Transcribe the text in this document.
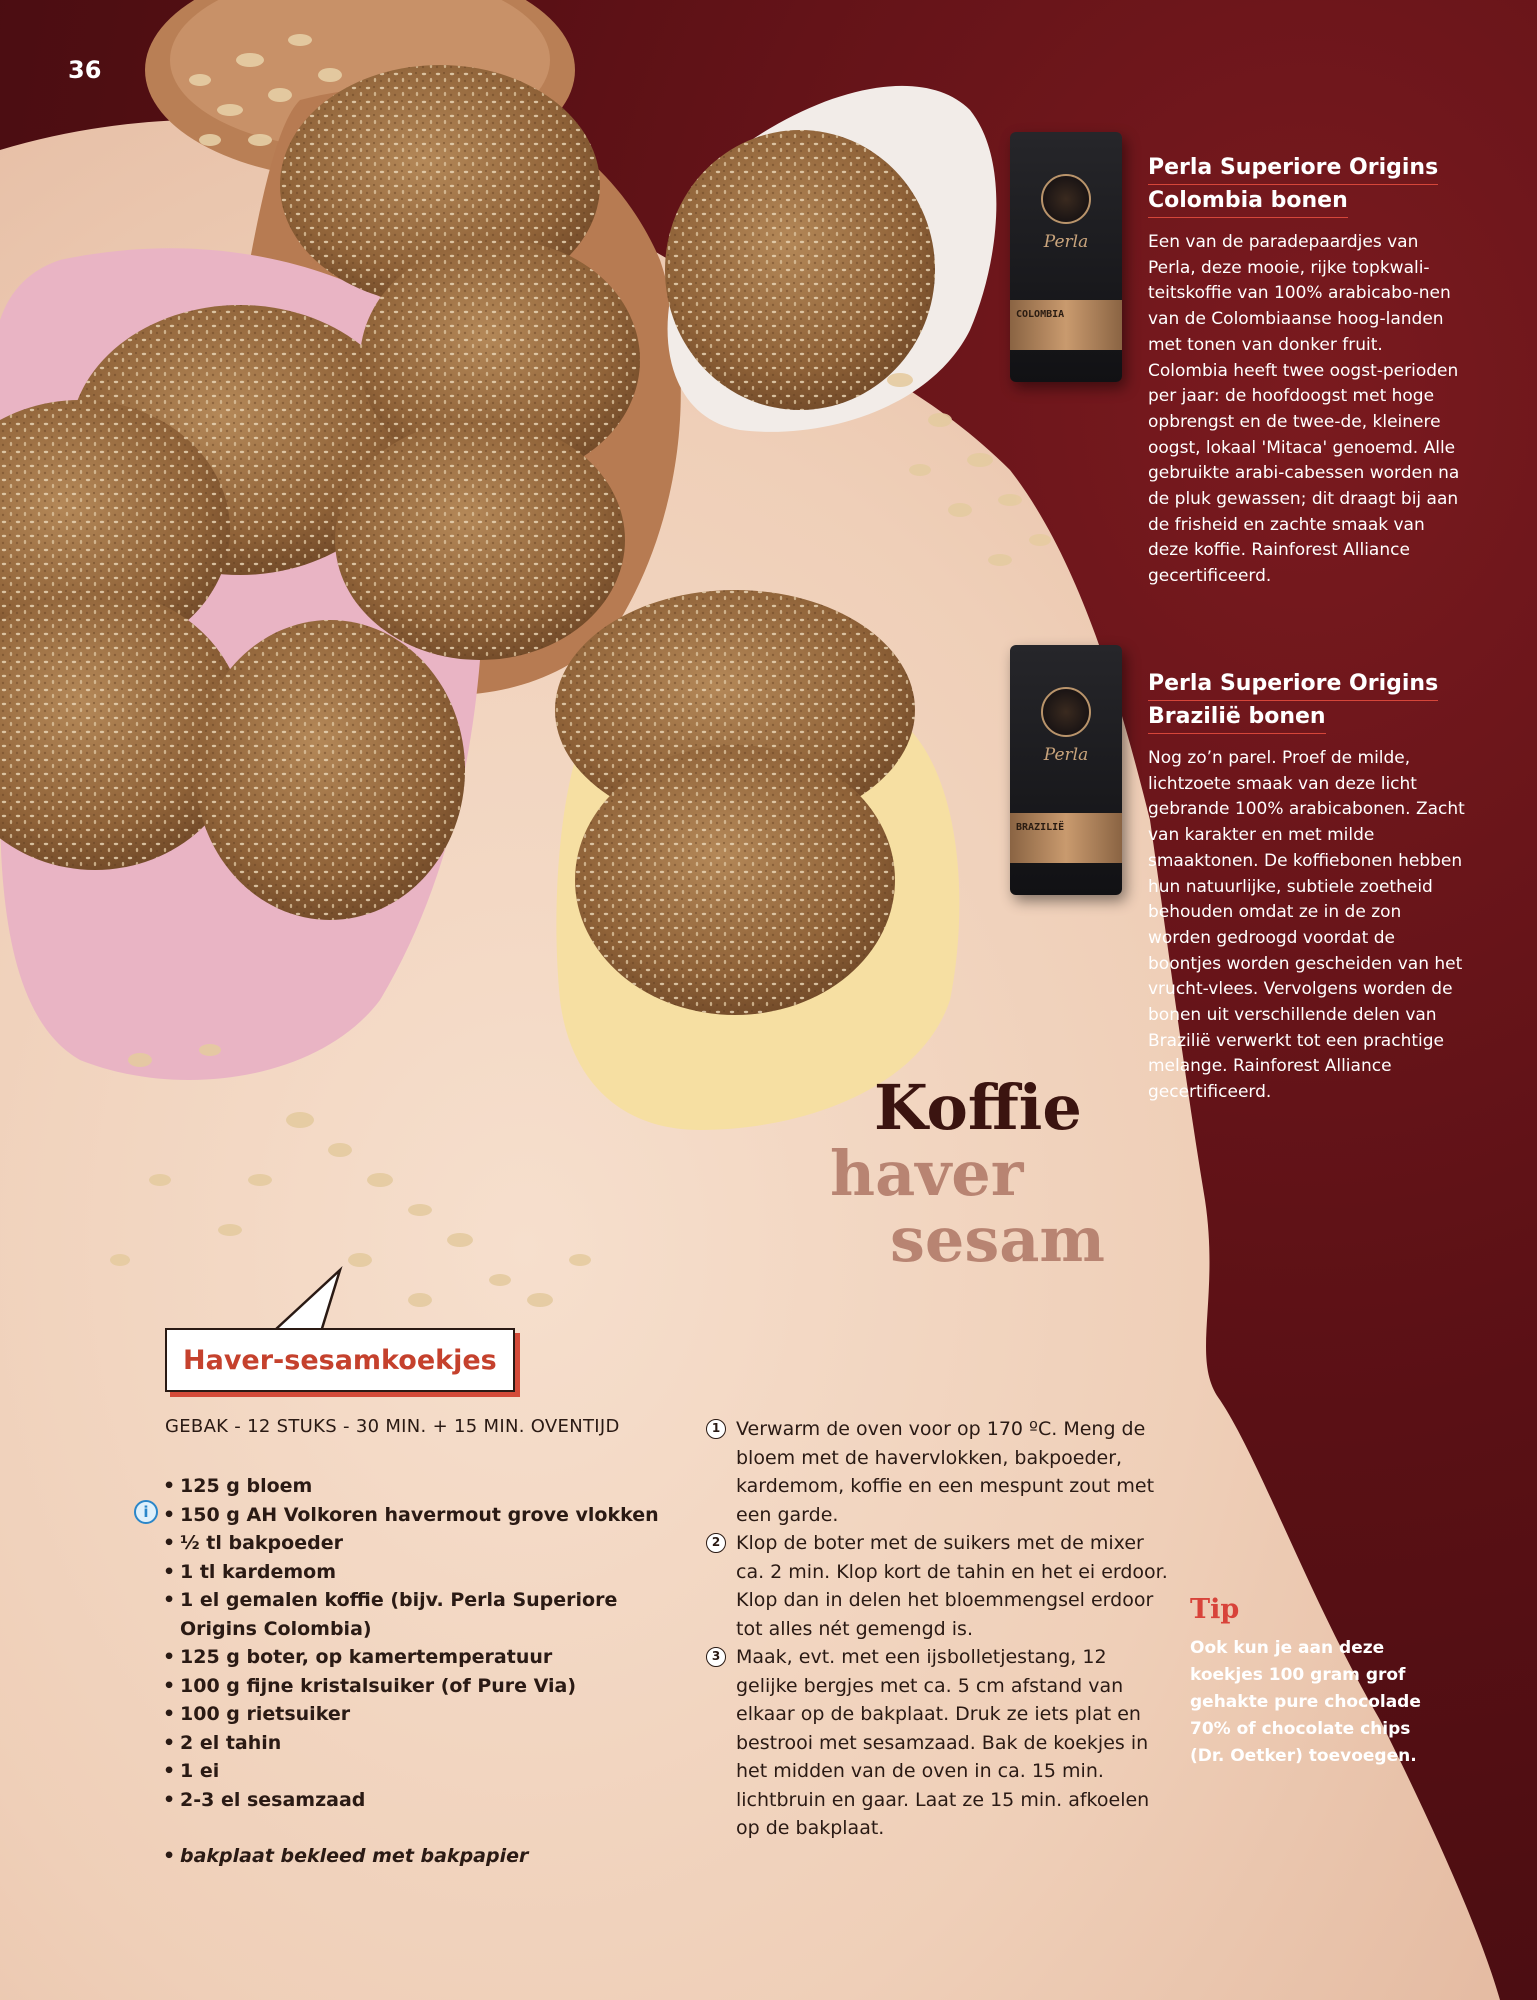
36
Perla
COLOMBIA
Perla
BRAZILIË
Perla Superiore Origins
Colombia bonen

Een van de paradepaardjes van Perla, deze mooie, rijke topkwali-teitskoffie van 100% arabicabo-nen van de Colombiaanse hoog-landen met tonen van donker fruit. Colombia heeft twee oogst-perioden per jaar: de hoofdoogst met hoge opbrengst en de twee-de, kleinere oogst, lokaal 'Mitaca' genoemd. Alle gebruikte arabi-cabessen worden na de pluk gewassen; dit draagt bij aan de frisheid en zachte smaak van deze koffie. Rainforest Alliance gecertificeerd.

Perla Superiore Origins
Brazilië bonen

Nog zo’n parel. Proef de milde, lichtzoete smaak van deze licht gebrande 100% arabicabonen. Zacht van karakter en met milde smaaktonen. De koffiebonen hebben hun natuurlijke, subtiele zoetheid behouden omdat ze in de zon worden gedroogd voordat de boontjes worden gescheiden van het vrucht-vlees. Vervolgens worden de bonen uit verschillende delen van Brazilië verwerkt tot een prachtige melange. Rainforest Alliance gecertificeerd.

Koffie
haver
sesam
Haver-sesamkoekjes
GEBAK - 12 STUKS - 30 MIN. + 15 MIN. OVENTIJD
i
• 125 g bloem
• 150 g AH Volkoren havermout grove vlokken
• ½ tl bakpoeder
• 1 tl kardemom
• 1 el gemalen koffie (bijv. Perla Superiore Origins Colombia)
• 125 g boter, op kamertemperatuur
• 100 g fijne kristalsuiker (of Pure Via)
• 100 g rietsuiker
• 2 el tahin
• 1 ei
• 2-3 el sesamzaad
• bakplaat bekleed met bakpapier
1 Verwarm de oven voor op 170 ºC. Meng de bloem met de havervlokken, bakpoeder, kardemom, koffie en een mespunt zout met een garde.
2 Klop de boter met de suikers met de mixer ca. 2 min. Klop kort de tahin en het ei erdoor. Klop dan in delen het bloemmengsel erdoor tot alles nét gemengd is.
3 Maak, evt. met een ijsbolletjestang, 12 gelijke bergjes met ca. 5 cm afstand van elkaar op de bakplaat. Druk ze iets plat en bestrooi met sesamzaad. Bak de koekjes in het midden van de oven in ca. 15 min. lichtbruin en gaar. Laat ze 15 min. afkoelen op de bakplaat.
Tip
Ook kun je aan deze koekjes 100 gram grof gehakte pure chocolade 70% of chocolate chips (Dr. Oetker) toevoegen.
